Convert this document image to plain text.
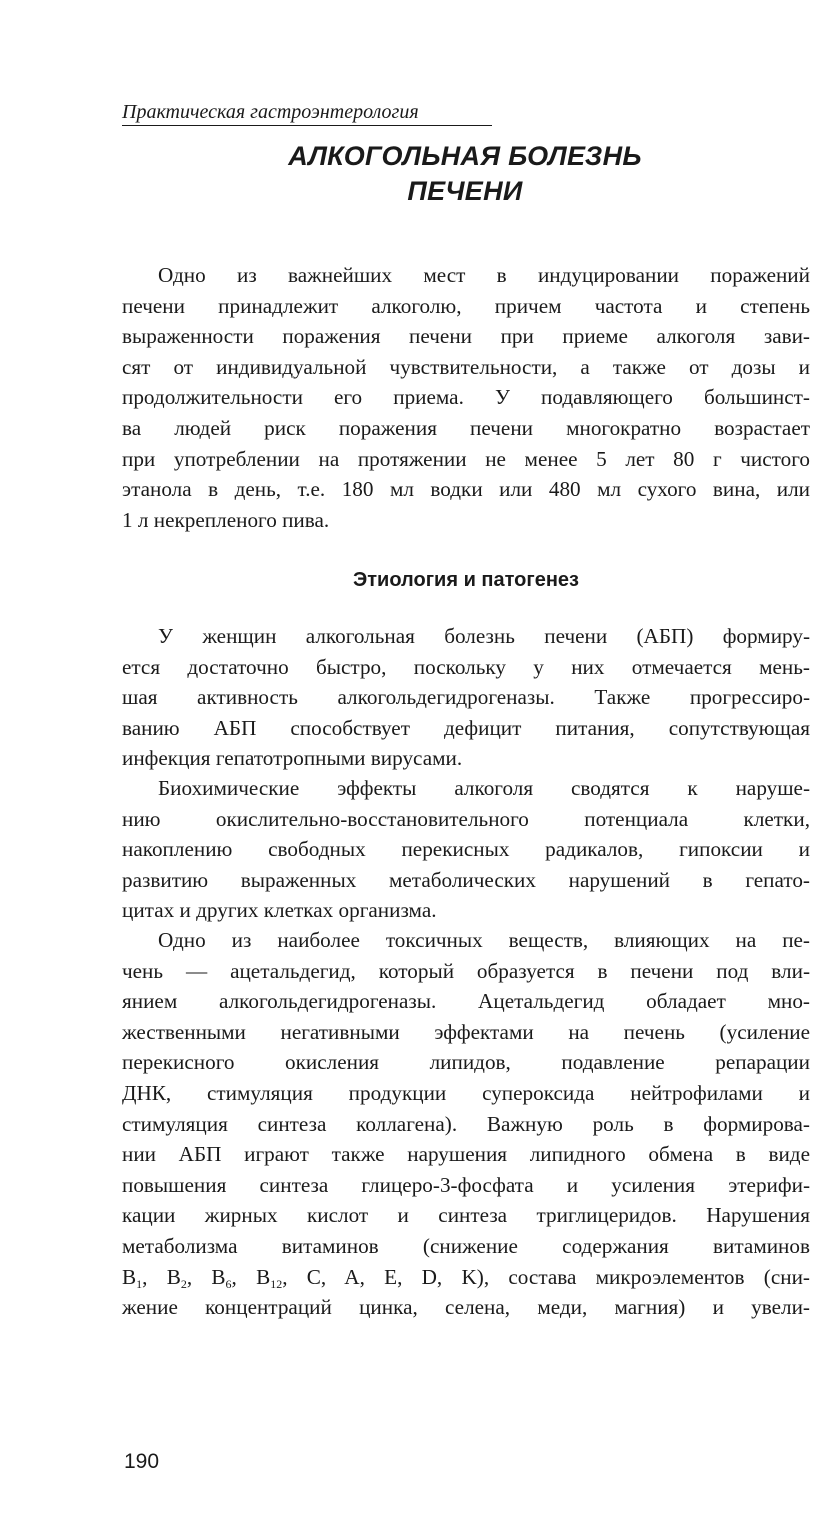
Практическая гастроэнтерология
АЛКОГОЛЬНАЯ БОЛЕЗНЬ
ПЕЧЕНИ
Одно из важнейших мест в индуцировании поражений
печени принадлежит алкоголю, причем частота и степень
выраженности поражения печени при приеме алкоголя зави-
сят от индивидуальной чувствительности, а также от дозы и
продолжительности его приема. У подавляющего большинст-
ва людей риск поражения печени многократно возрастает
при употреблении на протяжении не менее 5 лет 80 г чистого
этанола в день, т.е. 180 мл водки или 480 мл сухого вина, или
1 л некрепленого пива.
Этиология и патогенез
У женщин алкогольная болезнь печени (АБП) формиру-
ется достаточно быстро, поскольку у них отмечается мень-
шая активность алкогольдегидрогеназы. Также прогрессиро-
ванию АБП способствует дефицит питания, сопутствующая
инфекция гепатотропными вирусами.
Биохимические эффекты алкоголя сводятся к наруше-
нию окислительно-восстановительного потенциала клетки,
накоплению свободных перекисных радикалов, гипоксии и
развитию выраженных метаболических нарушений в гепато-
цитах и других клетках организма.
Одно из наиболее токсичных веществ, влияющих на пе-
чень — ацетальдегид, который образуется в печени под вли-
янием алкогольдегидрогеназы. Ацетальдегид обладает мно-
жественными негативными эффектами на печень (усиление
перекисного окисления липидов, подавление репарации
ДНК, стимуляция продукции супероксида нейтрофилами и
стимуляция синтеза коллагена). Важную роль в формирова-
нии АБП играют также нарушения липидного обмена в виде
повышения синтеза глицеро-3-фосфата и усиления этерифи-
кации жирных кислот и синтеза триглицеридов. Нарушения
метаболизма витаминов (снижение содержания витаминов
$B_1$, $B_2$, $B_6$, $B_{12}$, C, A, E, D, K), состава микроэлементов (сни-
жение концентраций цинка, селена, меди, магния) и увели-
190
